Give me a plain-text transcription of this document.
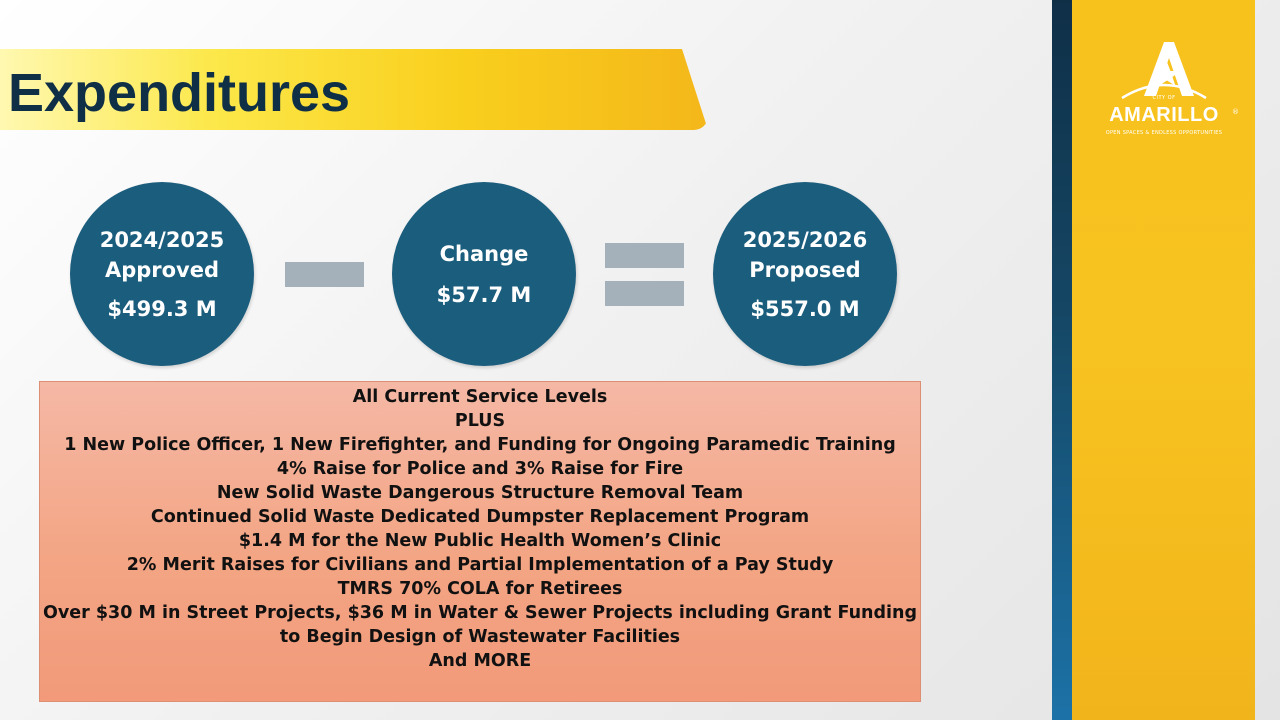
Expenditures
2024/2025
Approved
$499.3 M
Change
$57.7 M
2025/2026
Proposed
$557.0 M
All Current Service Levels
PLUS
1 New Police Officer, 1 New Firefighter, and Funding for Ongoing Paramedic Training
4% Raise for Police and 3% Raise for Fire
New Solid Waste Dangerous Structure Removal Team
Continued Solid Waste Dedicated Dumpster Replacement Program
$1.4 M for the New Public Health Women’s Clinic
2% Merit Raises for Civilians and Partial Implementation of a Pay Study
TMRS 70% COLA for Retirees
Over $30 M in Street Projects, $36 M in Water & Sewer Projects including Grant Funding
to Begin Design of Wastewater Facilities
And MORE
CITY OF
AMARILLO	®
OPEN SPACES & ENDLESS OPPORTUNITIES
